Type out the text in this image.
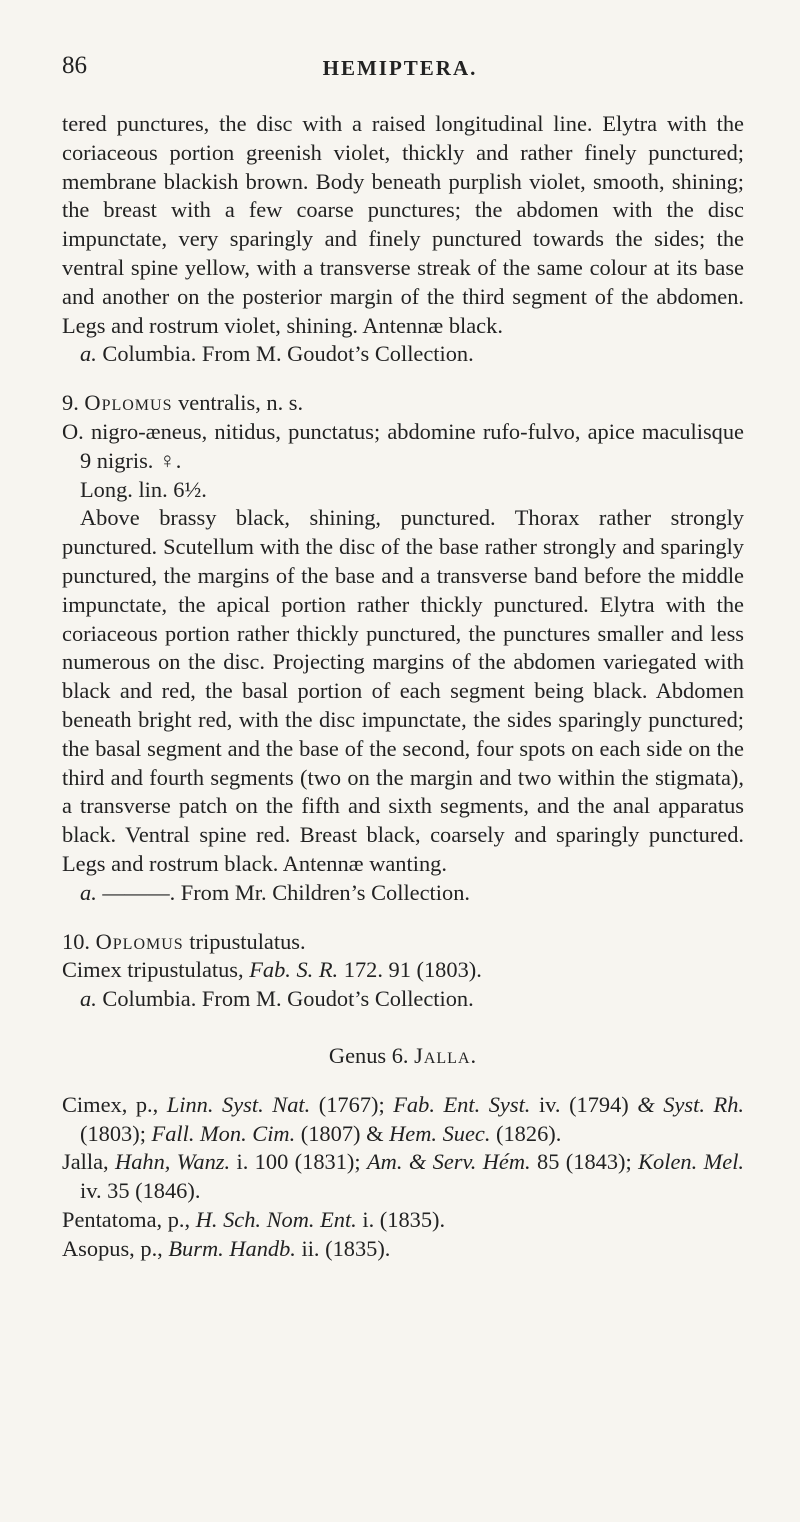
86	HEMIPTERA.

tered punctures, the disc with a raised longitudinal line. Elytra with the coriaceous portion greenish violet, thickly and rather finely punctured; membrane blackish brown. Body beneath purplish violet, smooth, shining; the breast with a few coarse punctures; the abdomen with the disc impunctate, very sparingly and finely punctured towards the sides; the ventral spine yellow, with a transverse streak of the same colour at its base and another on the posterior margin of the third segment of the abdomen. Legs and rostrum violet, shining. Antennæ black.

a. Columbia. From M. Goudot’s Collection.

9. Oplomus ventralis, n. s.

O. nigro-æneus, nitidus, punctatus; abdomine rufo-fulvo, apice maculisque 9 nigris. ♀.

Long. lin. 6½.

Above brassy black, shining, punctured. Thorax rather strongly punctured. Scutellum with the disc of the base rather strongly and sparingly punctured, the margins of the base and a transverse band before the middle impunctate, the apical portion rather thickly punctured. Elytra with the coriaceous portion rather thickly punctured, the punctures smaller and less numerous on the disc. Projecting margins of the abdomen variegated with black and red, the basal portion of each segment being black. Abdomen beneath bright red, with the disc impunctate, the sides sparingly punctured; the basal segment and the base of the second, four spots on each side on the third and fourth segments (two on the margin and two within the stigmata), a transverse patch on the fifth and sixth segments, and the anal apparatus black. Ventral spine red. Breast black, coarsely and sparingly punctured. Legs and rostrum black. Antennæ wanting.

a. ———. From Mr. Children’s Collection.

10. Oplomus tripustulatus.

Cimex tripustulatus, Fab. S. R. 172. 91 (1803).

a. Columbia. From M. Goudot’s Collection.

Genus 6. Jalla.

Cimex, p., Linn. Syst. Nat. (1767); Fab. Ent. Syst. iv. (1794) & Syst. Rh. (1803); Fall. Mon. Cim. (1807) & Hem. Suec. (1826).

Jalla, Hahn, Wanz. i. 100 (1831); Am. & Serv. Hém. 85 (1843); Kolen. Mel. iv. 35 (1846).

Pentatoma, p., H. Sch. Nom. Ent. i. (1835).

Asopus, p., Burm. Handb. ii. (1835).
